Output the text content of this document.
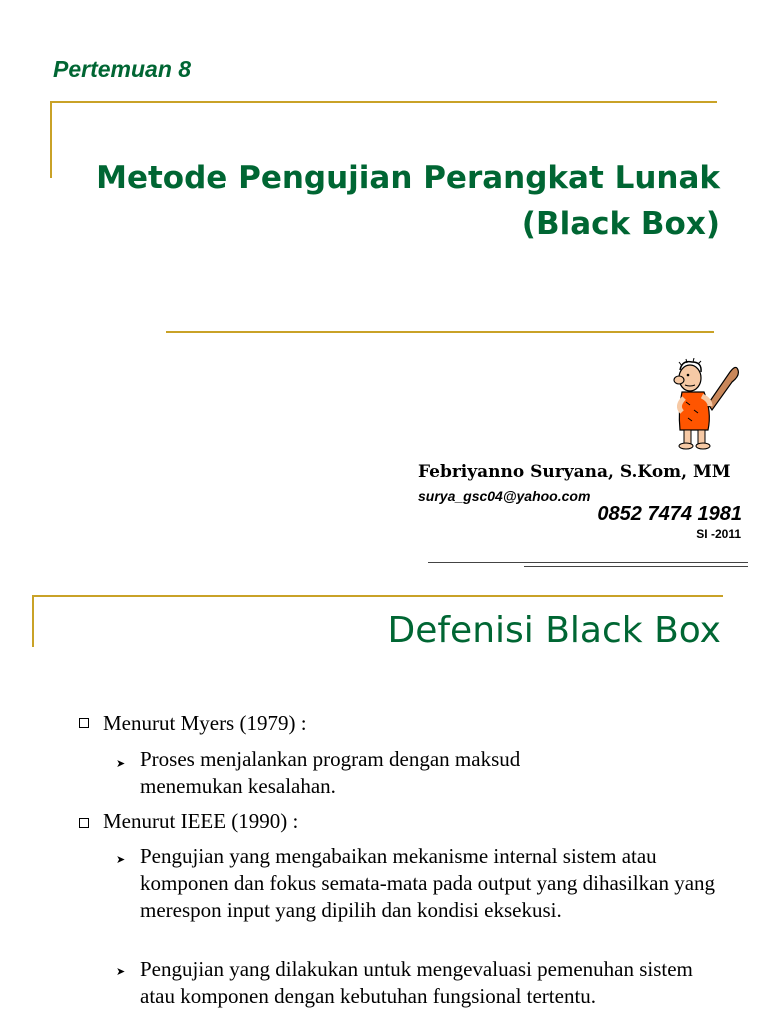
Pertemuan 8
Metode Pengujian Perangkat Lunak
(Black Box)
Febriyanno Suryana, S.Kom, MM
surya_gsc04@yahoo.com
0852 7474 1981
SI -2011
Defenisi Black Box
Menurut Myers (1979) :
➤ Proses menjalankan program dengan maksud menemukan kesalahan.
Menurut IEEE (1990) :
➤ Pengujian yang mengabaikan mekanisme internal sistem atau komponen dan fokus semata-mata pada output yang dihasilkan yang merespon input yang dipilih dan kondisi eksekusi.
➤ Pengujian yang dilakukan untuk mengevaluasi pemenuhan sistem atau komponen dengan kebutuhan fungsional tertentu.
